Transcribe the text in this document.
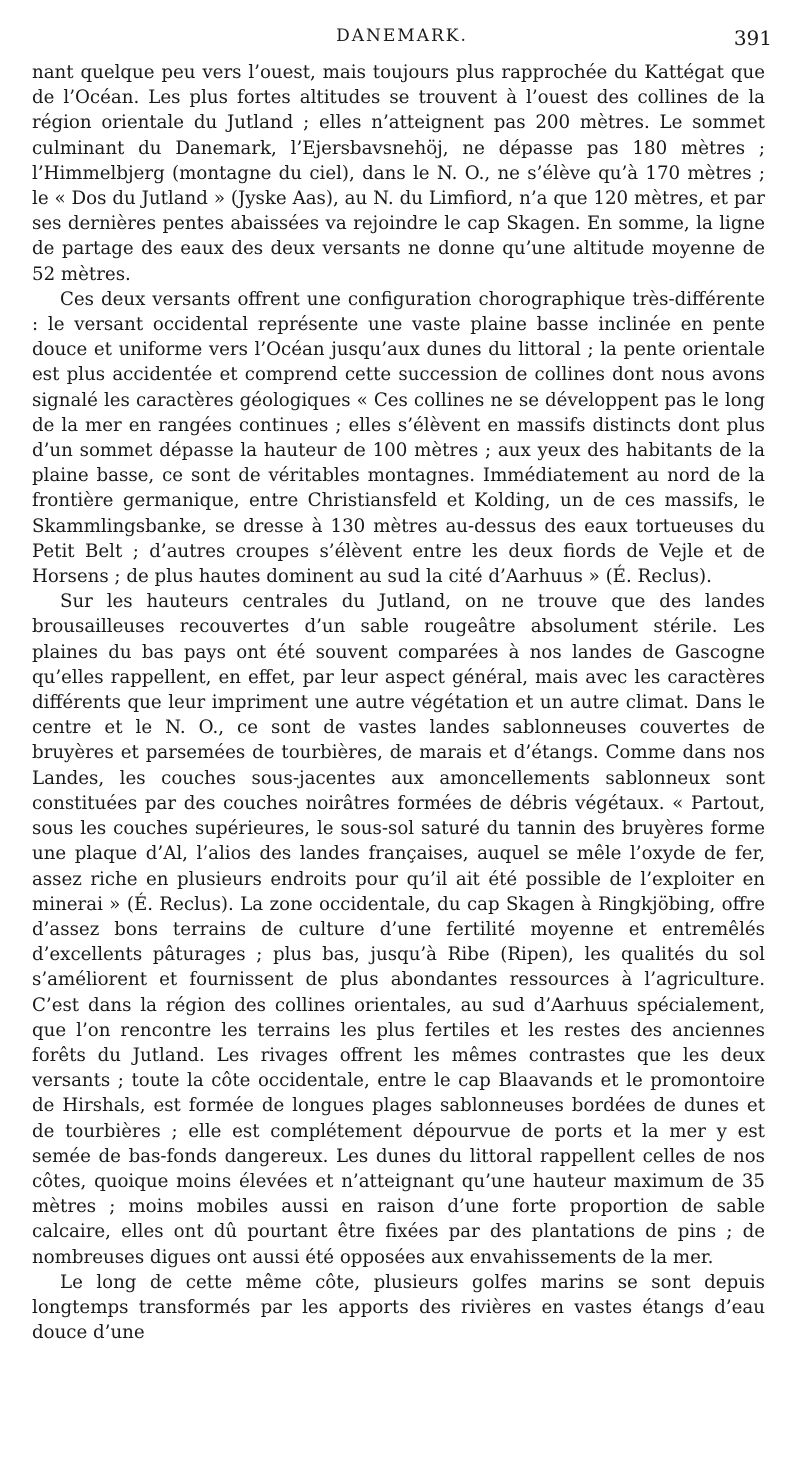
DANEMARK.	391

nant quelque peu vers l’ouest, mais toujours plus rapprochée du Kattégat que de l’Océan. Les plus fortes altitudes se trouvent à l’ouest des collines de la région orientale du Jutland ; elles n’atteignent pas 200 mètres. Le sommet culminant du Danemark, l’Ejersbavsnehöj, ne dépasse pas 180 mètres ; l’Himmelbjerg (montagne du ciel), dans le N. O., ne s’élève qu’à 170 mètres ; le « Dos du Jutland » (Jyske Aas), au N. du Limfiord, n’a que 120 mètres, et par ses dernières pentes abaissées va rejoindre le cap Skagen. En somme, la ligne de partage des eaux des deux versants ne donne qu’une altitude moyenne de 52 mètres.

Ces deux versants offrent une configuration chorographique très-différente : le versant occidental représente une vaste plaine basse inclinée en pente douce et uniforme vers l’Océan jusqu’aux dunes du littoral ; la pente orientale est plus accidentée et comprend cette succession de collines dont nous avons signalé les caractères géologiques « Ces collines ne se développent pas le long de la mer en rangées continues ; elles s’élèvent en massifs distincts dont plus d’un sommet dépasse la hauteur de 100 mètres ; aux yeux des habitants de la plaine basse, ce sont de véritables montagnes. Immédiatement au nord de la frontière germanique, entre Christiansfeld et Kolding, un de ces massifs, le Skammlingsbanke, se dresse à 130 mètres au-dessus des eaux tortueuses du Petit Belt ; d’autres croupes s’élèvent entre les deux fiords de Vejle et de Horsens ; de plus hautes dominent au sud la cité d’Aarhuus » (É. Reclus).

Sur les hauteurs centrales du Jutland, on ne trouve que des landes brousailleuses recouvertes d’un sable rougeâtre absolument stérile. Les plaines du bas pays ont été souvent comparées à nos landes de Gascogne qu’elles rappellent, en effet, par leur aspect général, mais avec les caractères différents que leur impriment une autre végétation et un autre climat. Dans le centre et le N. O., ce sont de vastes landes sablonneuses couvertes de bruyères et parsemées de tourbières, de marais et d’étangs. Comme dans nos Landes, les couches sous-jacentes aux amoncellements sablonneux sont constituées par des couches noirâtres formées de débris végétaux. « Partout, sous les couches supérieures, le sous-sol saturé du tannin des bruyères forme une plaque d’Al, l’alios des landes françaises, auquel se mêle l’oxyde de fer, assez riche en plusieurs endroits pour qu’il ait été possible de l’exploiter en minerai » (É. Reclus). La zone occidentale, du cap Skagen à Ringkjöbing, offre d’assez bons terrains de culture d’une fertilité moyenne et entremêlés d’excellents pâturages ; plus bas, jusqu’à Ribe (Ripen), les qualités du sol s’améliorent et fournissent de plus abondantes ressources à l’agriculture. C’est dans la région des collines orientales, au sud d’Aarhuus spécialement, que l’on rencontre les terrains les plus fertiles et les restes des anciennes forêts du Jutland. Les rivages offrent les mêmes contrastes que les deux versants ; toute la côte occidentale, entre le cap Blaavands et le promontoire de Hirshals, est formée de longues plages sablonneuses bordées de dunes et de tourbières ; elle est complétement dépourvue de ports et la mer y est semée de bas-fonds dangereux. Les dunes du littoral rappellent celles de nos côtes, quoique moins élevées et n’atteignant qu’une hauteur maximum de 35 mètres ; moins mobiles aussi en raison d’une forte proportion de sable calcaire, elles ont dû pourtant être fixées par des plantations de pins ; de nombreuses digues ont aussi été opposées aux envahissements de la mer.

Le long de cette même côte, plusieurs golfes marins se sont depuis longtemps transformés par les apports des rivières en vastes étangs d’eau douce d’une
